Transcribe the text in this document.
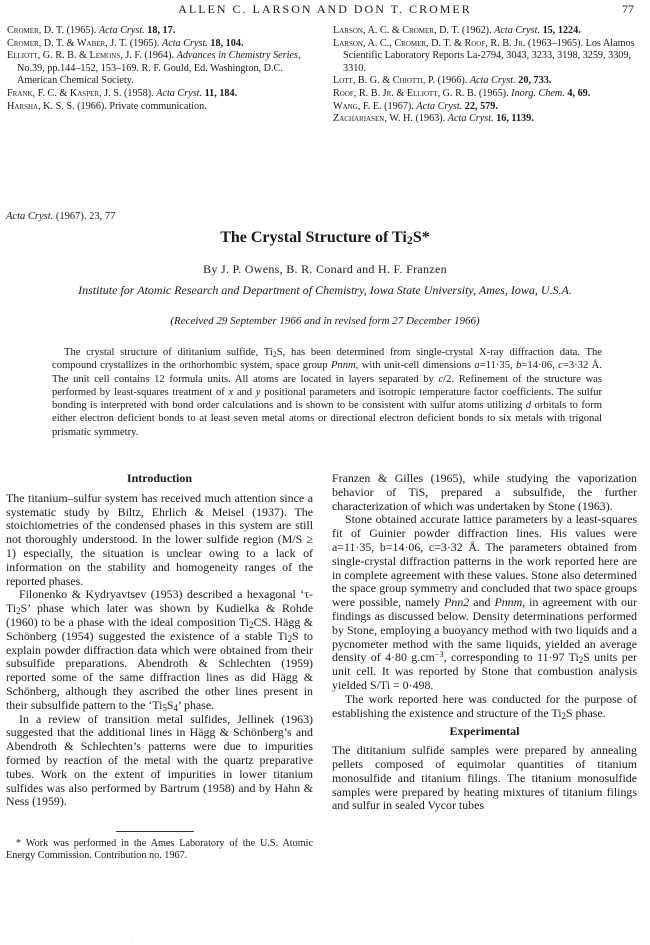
ALLEN C. LARSON AND DON T. CROMER	77

Cromer, D. T. (1965). Acta Cryst. 18, 17.

Cromer, D. T. & Waber, J. T. (1965). Acta Cryst. 18, 104.

Elliott, G. R. B. & Lemons, J. F. (1964). Advances in Chemistry Series, No.39, pp.144–152, 153–169. R. F. Gould, Ed. Washington, D.C. American Chemical Society.

Frank, F. C. & Kasper, J. S. (1958). Acta Cryst. 11, 184.

Harsha, K. S. S. (1966). Private communication.

Larson, A. C. & Cromer, D. T. (1962). Acta Cryst. 15, 1224.

Larson, A. C., Cromer, D. T. & Roof, R. B. Jr. (1963–1965). Los Alamos Scientific Laboratory Reports La-2794, 3043, 3233, 3198, 3259, 3309, 3310.

Lott, B. G. & Chiotti, P. (1966). Acta Cryst. 20, 733.

Roof, R. B. Jr. & Elliott, G. R. B. (1965). Inorg. Chem. 4, 69.

Wang, F. E. (1967). Acta Cryst. 22, 579.

Zachariasen, W. H. (1963). Acta Cryst. 16, 1139.

Acta Cryst. (1967). 23, 77
The Crystal Structure of $Ti_2S*$
By J. P. Owens, B. R. Conard and H. F. Franzen
Institute for Atomic Research and Department of Chemistry, Iowa State University, Ames, Iowa, U.S.A.
(Received 29 September 1966 and in revised form 27 December 1966)

The crystal structure of dititanium sulfide, $Ti_2S$, has been determined from single-crystal X-ray diffraction data. The compound crystallizes in the orthorhombic system, space group Pnnm, with unit-cell dimensions a=11·35, b=14·06, c=3·32 Å. The unit cell contains 12 formula units. All atoms are located in layers separated by c/2. Refinement of the structure was performed by least-squares treatment of x and y positional parameters and isotropic temperature factor coefficients. The sulfur bonding is interpreted with bond order calculations and is shown to be consistent with sulfur atoms utilizing d orbitals to form either electron deficient bonds to at least seven metal atoms or directional electron deficient bonds to six metals with trigonal prismatic symmetry.

Introduction

The titanium–sulfur system has received much attention since a systematic study by Biltz, Ehrlich & Meisel (1937). The stoichiometries of the condensed phases in this system are still not thoroughly understood. In the lower sulfide region (M/S ≥ 1) especially, the situation is unclear owing to a lack of information on the stability and homogeneity ranges of the reported phases.

Filonenko & Kydryavtsev (1953) described a hexagonal ‘$\tau-Ti_2S$’ phase which later was shown by Kudielka & Rohde (1960) to be a phase with the ideal composition $Ti_2CS$. Hägg & Schönberg (1954) suggested the existence of a stable $Ti_2S$ to explain powder diffraction data which were obtained from their subsulfide preparations. Abendroth & Schlechten (1959) reported some of the same diffraction lines as did Hägg & Schönberg, although they ascribed the other lines present in their subsulfide pattern to the ‘$Ti_5S_4$’ phase.

In a review of transition metal sulfides, Jellinek (1963) suggested that the additional lines in Hägg & Schönberg’s and Abendroth & Schlechten’s patterns were due to impurities formed by reaction of the metal with the quartz preparative tubes. Work on the extent of impurities in lower titanium sulfides was also performed by Bartrum (1958) and by Hahn & Ness (1959).

Franzen & Gilles (1965), while studying the vaporization behavior of TiS, prepared a subsulfide, the further characterization of which was undertaken by Stone (1963).

Stone obtained accurate lattice parameters by a least-squares fit of Guinier powder diffraction lines. His values were a=11·35, b=14·06, c=3·32 Å. The parameters obtained from single-crystal diffraction patterns in the work reported here are in complete agreement with these values. Stone also determined the space group symmetry and concluded that two space groups were possible, namely Pnn2 and Pnnm, in agreement with our findings as discussed below. Density determinations performed by Stone, employing a buoyancy method with two liquids and a pycnometer method with the same liquids, yielded an average density of 4·80 $g.cm^{-3}$, corresponding to 11·97 $Ti_2S$ units per unit cell. It was reported by Stone that combustion analysis yielded S/Ti = 0·498.

The work reported here was conducted for the purpose of establishing the existence and structure of the $Ti_2S$ phase.

Experimental

The dititanium sulfide samples were prepared by annealing pellets composed of equimolar quantities of titanium monosulfide and titanium filings. The titanium monosulfide samples were prepared by heating mixtures of titanium filings and sulfur in sealed Vycor tubes

* Work was performed in the Ames Laboratory of the U.S. Atomic Energy Commission. Contribution no. 1967.

·
